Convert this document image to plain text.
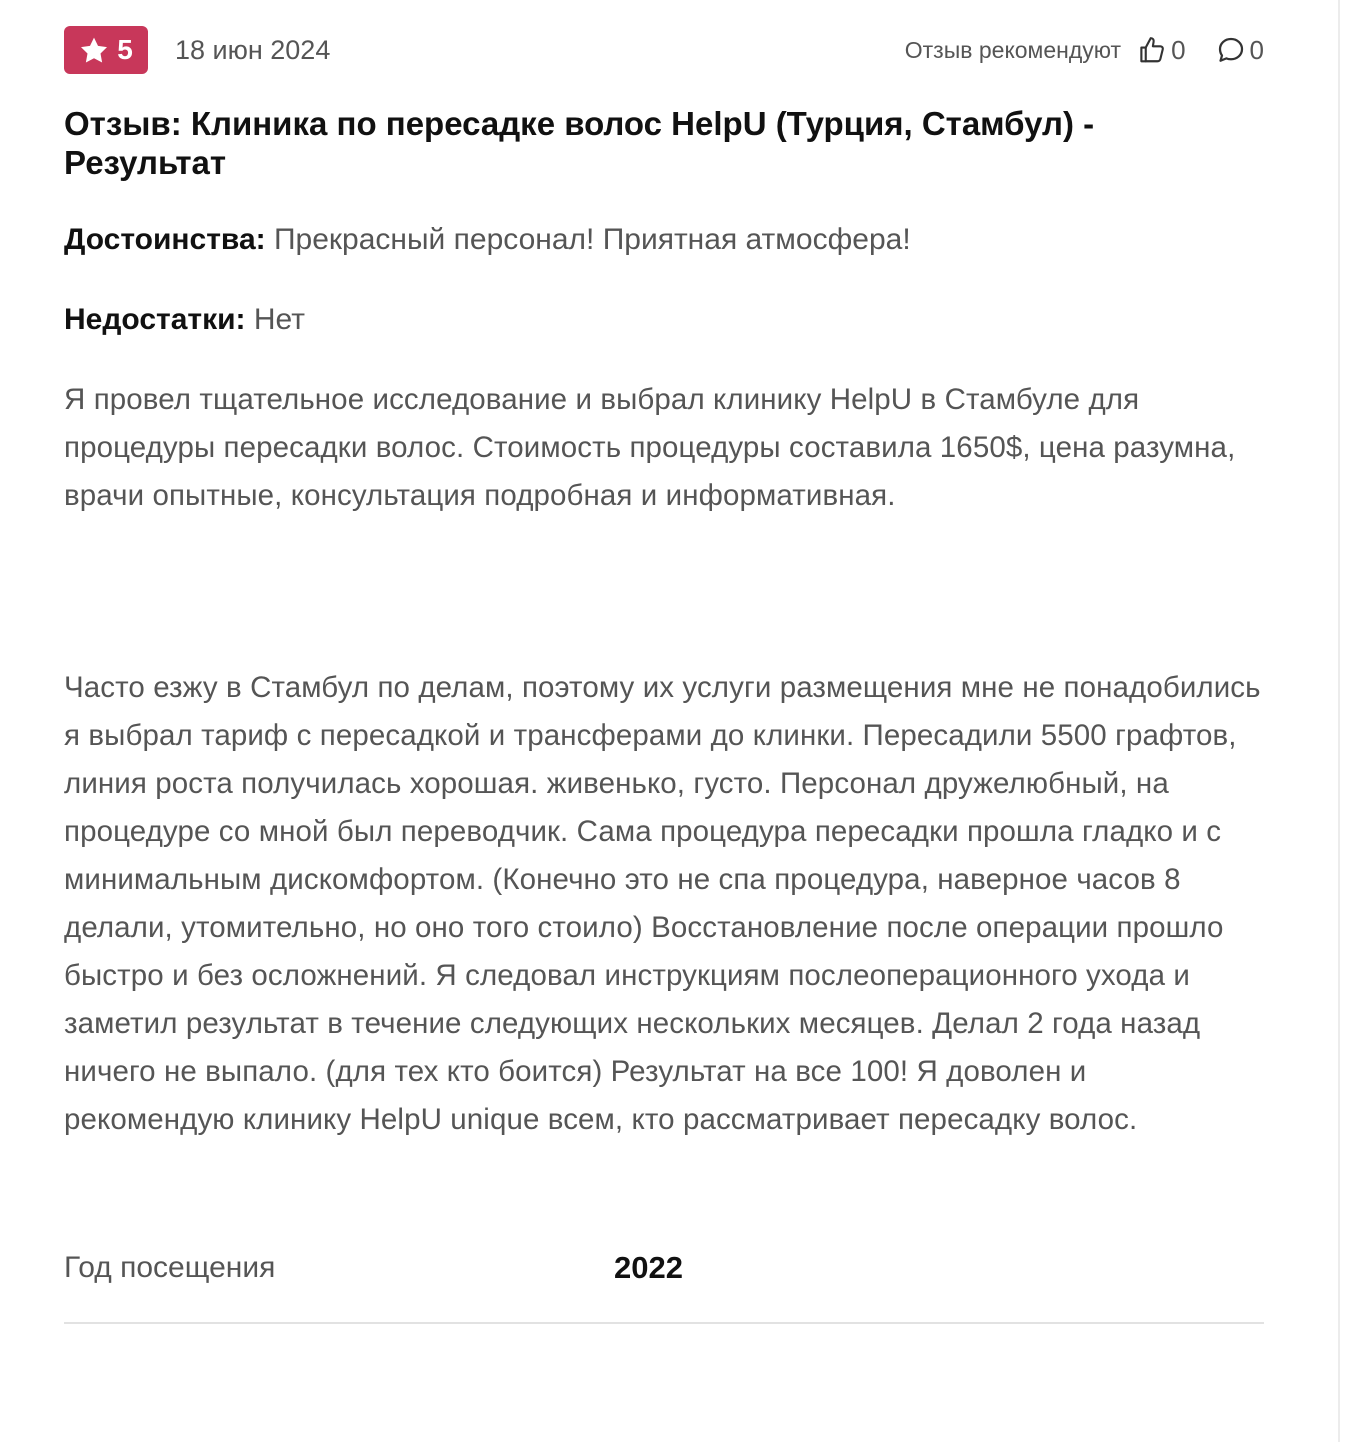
5 18 июн 2024	Отзыв рекомендуют 0 0
Отзыв: Клиника по пересадке волос HelpU (Турция, Стамбул) - Результат
Достоинства: Прекрасный персонал! Приятная атмосфера!
Недостатки: Нет
Я провел тщательное исследование и выбрал клинику HelpU в Стамбуле для процедуры пересадки волос. Стоимость процедуры составила 1650$, цена разумна, врачи опытные, консультация подробная и информативная.
Часто езжу в Стамбул по делам, поэтому их услуги размещения мне не понадобились я выбрал тариф с пересадкой и трансферами до клинки. Пересадили 5500 графтов, линия роста получилась хорошая. живенько, густо. Персонал дружелюбный, на процедуре со мной был переводчик. Сама процедура пересадки прошла гладко и с минимальным дискомфортом. (Конечно это не спа процедура, наверное часов 8 делали, утомительно, но оно того стоило) Восстановление после операции прошло быстро и без осложнений. Я следовал инструкциям послеоперационного ухода и заметил результат в течение следующих нескольких месяцев. Делал 2 года назад ничего не выпало. (для тех кто боится) Результат на все 100! Я доволен и рекомендую клинику HelpU unique всем, кто рассматривает пересадку волос.
Год посещения	2022
